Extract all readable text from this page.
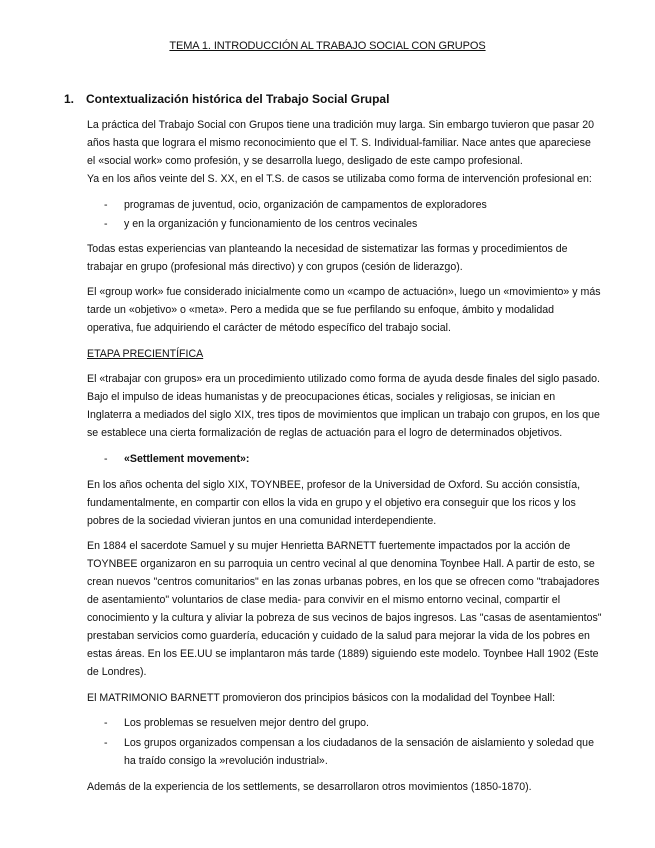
TEMA 1. INTRODUCCIÓN AL TRABAJO SOCIAL CON GRUPOS
1. Contextualización histórica del Trabajo Social Grupal

La práctica del Trabajo Social con Grupos tiene una tradición muy larga. Sin embargo tuvieron que pasar 20 años hasta que lograra el mismo reconocimiento que el T. S. Individual-familiar. Nace antes que apareciese el «social work» como profesión, y se desarrolla luego, desligado de este campo profesional.

Ya en los años veinte del S. XX, en el T.S. de casos se utilizaba como forma de intervención profesional en:

- programas de juventud, ocio, organización de campamentos de exploradores
- y en la organización y funcionamiento de los centros vecinales

Todas estas experiencias van planteando la necesidad de sistematizar las formas y procedimientos de trabajar en grupo (profesional más directivo) y con grupos (cesión de liderazgo).

El «group work» fue considerado inicialmente como un «campo de actuación», luego un «movimiento» y más tarde un «objetivo» o «meta». Pero a medida que se fue perfilando su enfoque, ámbito y modalidad operativa, fue adquiriendo el carácter de método específico del trabajo social.

ETAPA PRECIENTÍFICA

El «trabajar con grupos» era un procedimiento utilizado como forma de ayuda desde finales del siglo pasado. Bajo el impulso de ideas humanistas y de preocupaciones éticas, sociales y religiosas, se inician en Inglaterra a mediados del siglo XIX, tres tipos de movimientos que implican un trabajo con grupos, en los que se establece una cierta formalización de reglas de actuación para el logro de determinados objetivos.

- «Settlement movement»:

En los años ochenta del siglo XIX, TOYNBEE, profesor de la Universidad de Oxford. Su acción consistía, fundamentalmente, en compartir con ellos la vida en grupo y el objetivo era conseguir que los ricos y los pobres de la sociedad vivieran juntos en una comunidad interdependiente.

En 1884 el sacerdote Samuel y su mujer Henrietta BARNETT fuertemente impactados por la acción de TOYNBEE organizaron en su parroquia un centro vecinal al que denomina Toynbee Hall. A partir de esto, se crean nuevos "centros comunitarios" en las zonas urbanas pobres, en los que se ofrecen como "trabajadores de asentamiento" voluntarios de clase media- para convivir en el mismo entorno vecinal, compartir el conocimiento y la cultura y aliviar la pobreza de sus vecinos de bajos ingresos. Las "casas de asentamientos" prestaban servicios como guardería, educación y cuidado de la salud para mejorar la vida de los pobres en estas áreas. En los EE.UU se implantaron más tarde (1889) siguiendo este modelo. Toynbee Hall 1902 (Este de Londres).

El MATRIMONIO BARNETT promovieron dos principios básicos con la modalidad del Toynbee Hall:

- Los problemas se resuelven mejor dentro del grupo.
- Los grupos organizados compensan a los ciudadanos de la sensación de aislamiento y soledad que ha traído consigo la »revolución industrial».

Además de la experiencia de los settlements, se desarrollaron otros movimientos (1850-1870).
